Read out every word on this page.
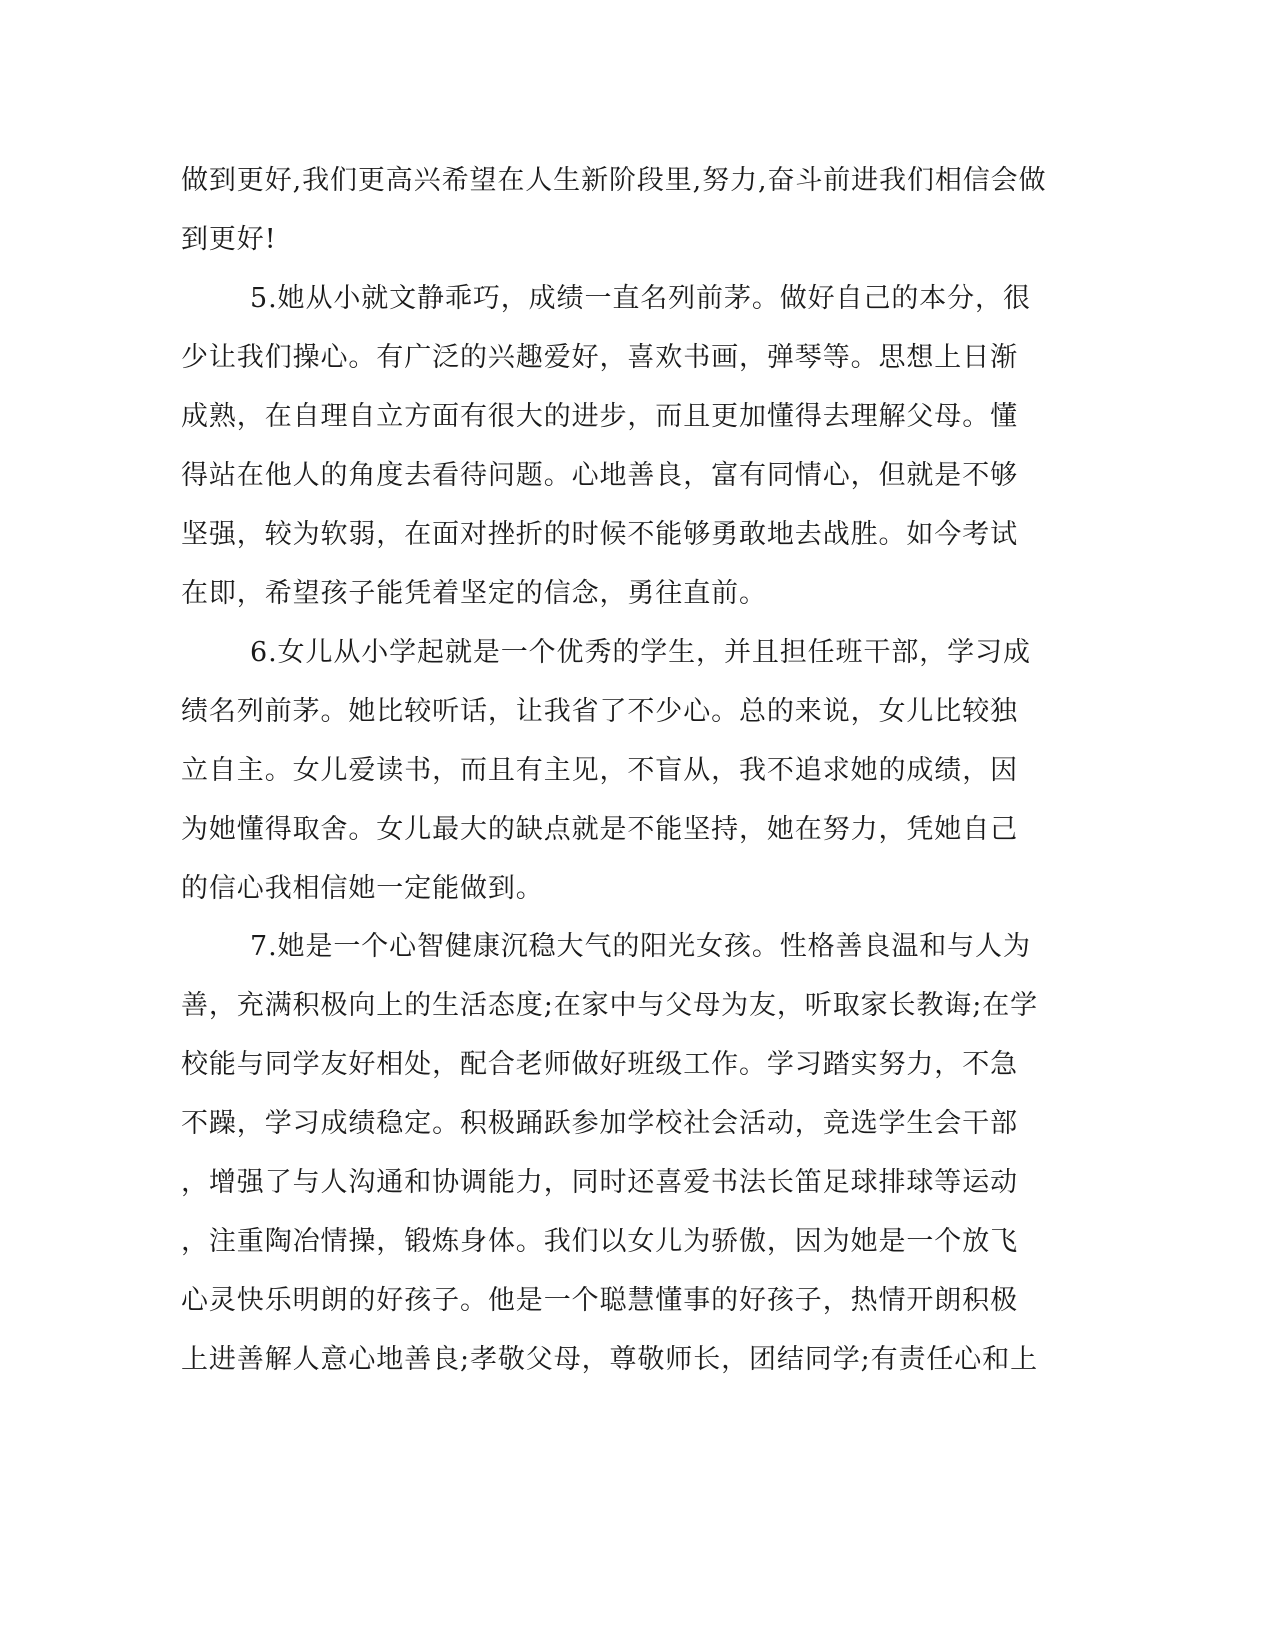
做到更好,我们更高兴希望在人生新阶段里,努力,奋斗前进我们相信会做

到更好!

5.她从小就文静乖巧，成绩一直名列前茅。做好自己的本分，很

少让我们操心。有广泛的兴趣爱好，喜欢书画，弹琴等。思想上日渐

成熟，在自理自立方面有很大的进步，而且更加懂得去理解父母。懂

得站在他人的角度去看待问题。心地善良，富有同情心，但就是不够

坚强，较为软弱，在面对挫折的时候不能够勇敢地去战胜。如今考试

在即，希望孩子能凭着坚定的信念，勇往直前。

6.女儿从小学起就是一个优秀的学生，并且担任班干部，学习成

绩名列前茅。她比较听话，让我省了不少心。总的来说，女儿比较独

立自主。女儿爱读书，而且有主见，不盲从，我不追求她的成绩，因

为她懂得取舍。女儿最大的缺点就是不能坚持，她在努力，凭她自己

的信心我相信她一定能做到。

7.她是一个心智健康沉稳大气的阳光女孩。性格善良温和与人为

善，充满积极向上的生活态度;在家中与父母为友，听取家长教诲;在学

校能与同学友好相处，配合老师做好班级工作。学习踏实努力，不急

不躁，学习成绩稳定。积极踊跃参加学校社会活动，竞选学生会干部

，增强了与人沟通和协调能力，同时还喜爱书法长笛足球排球等运动

，注重陶冶情操，锻炼身体。我们以女儿为骄傲，因为她是一个放飞

心灵快乐明朗的好孩子。他是一个聪慧懂事的好孩子，热情开朗积极

上进善解人意心地善良;孝敬父母，尊敬师长，团结同学;有责任心和上
